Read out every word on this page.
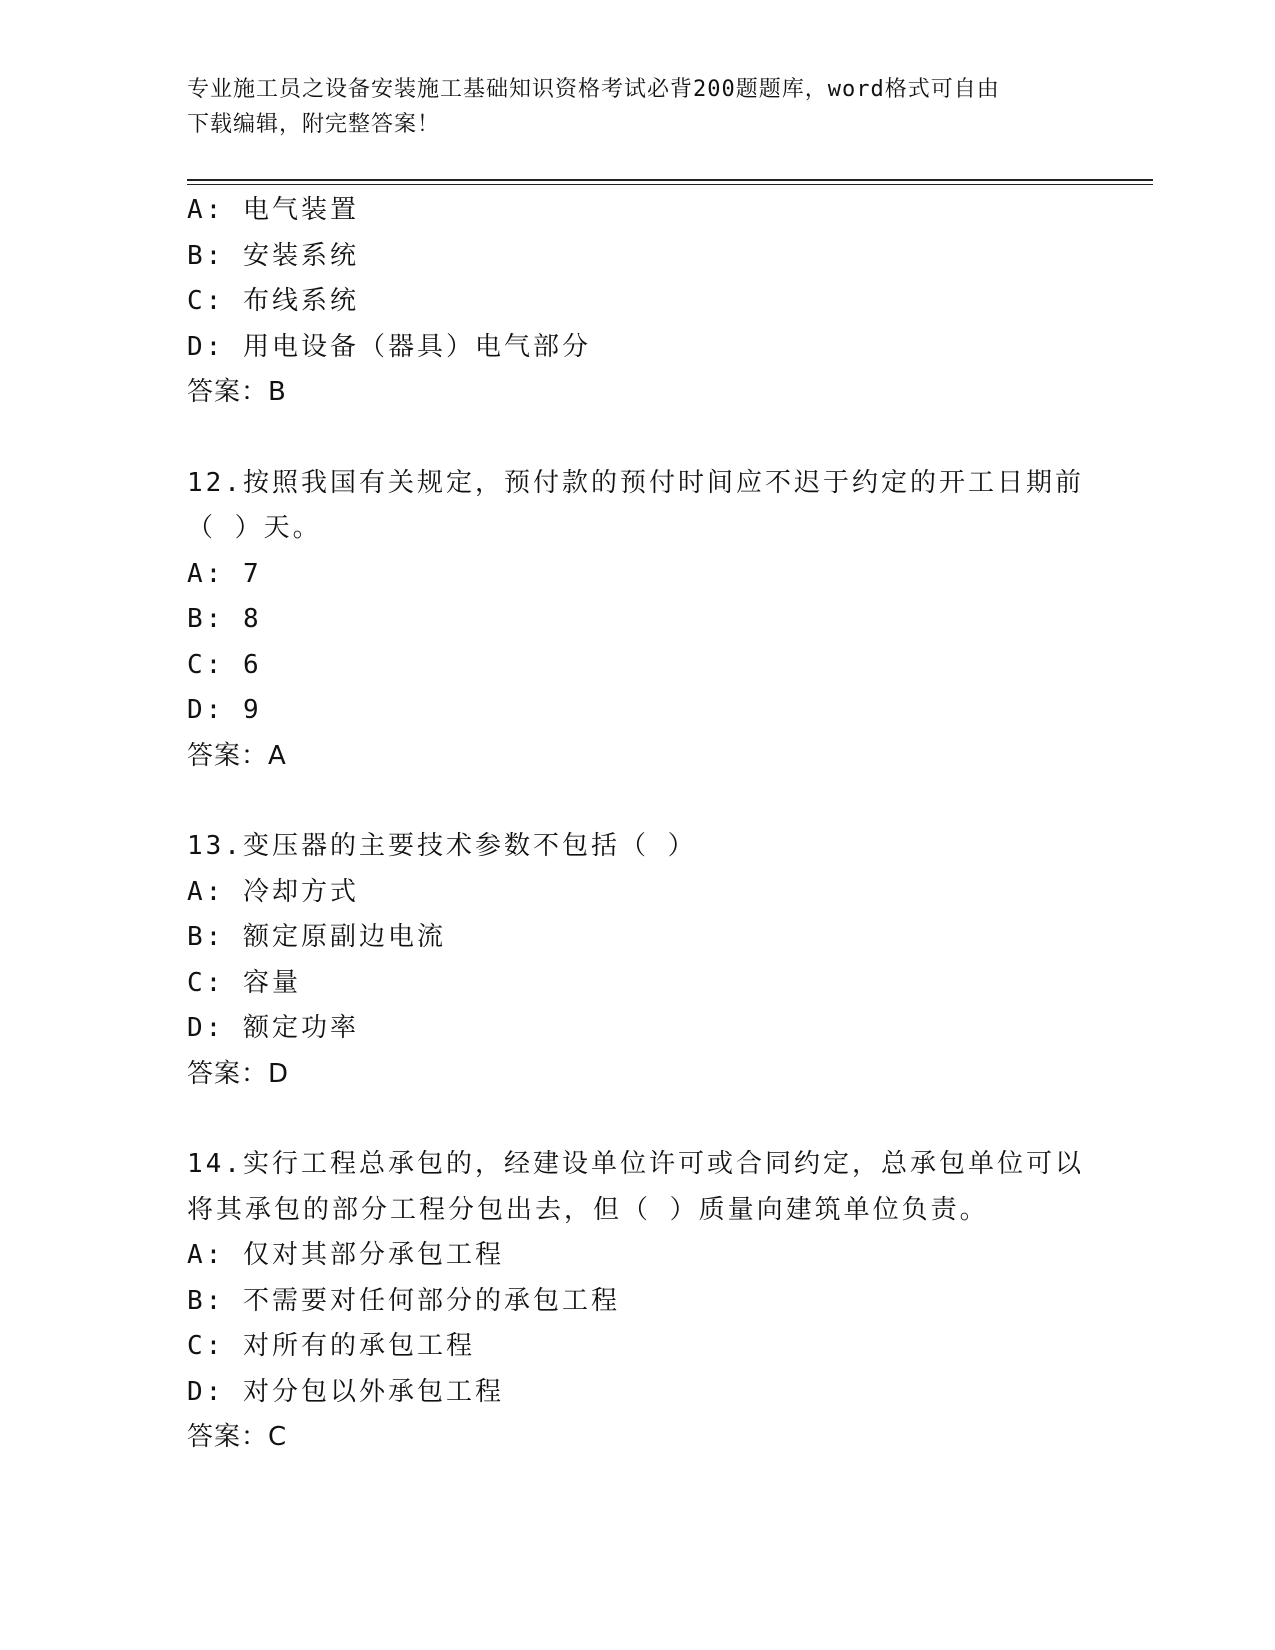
专业施工员之设备安装施工基础知识资格考试必背200题题库，word格式可自由
下载编辑，附完整答案！
A: 电气装置
B: 安装系统
C: 布线系统
D: 用电设备（器具）电气部分
答案：B
12.按照我国有关规定，预付款的预付时间应不迟于约定的开工日期前
（ ）天。
A: 7
B: 8
C: 6
D: 9
答案：A
13.变压器的主要技术参数不包括（ ）
A: 冷却方式
B: 额定原副边电流
C: 容量
D: 额定功率
答案：D
14.实行工程总承包的，经建设单位许可或合同约定，总承包单位可以
将其承包的部分工程分包出去，但（ ）质量向建筑单位负责。
A: 仅对其部分承包工程
B: 不需要对任何部分的承包工程
C: 对所有的承包工程
D: 对分包以外承包工程
答案：C
